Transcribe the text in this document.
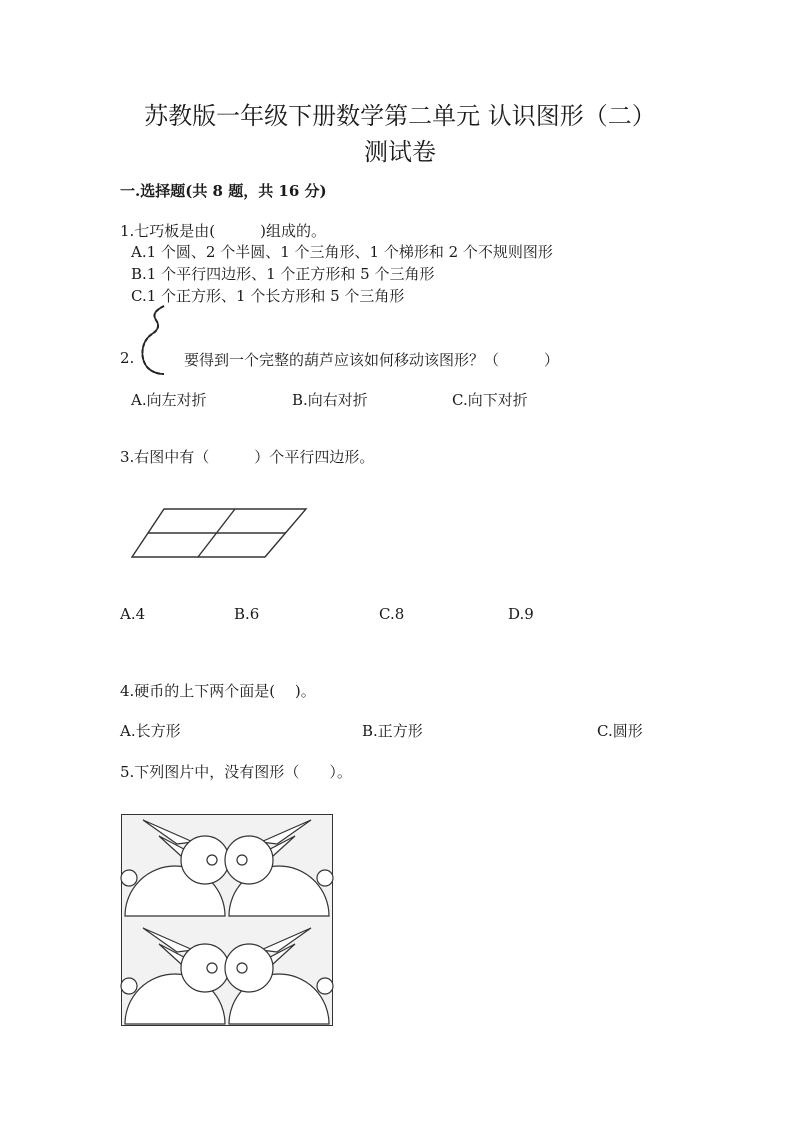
苏教版一年级下册数学第二单元 认识图形（二）
测试卷
一.选择题(共 8 题，共 16 分)
1.七巧板是由(　　　)组成的。
A.1 个圆、2 个半圆、1 个三角形、1 个梯形和 2 个不规则图形
B.1 个平行四边形、1 个正方形和 5 个三角形
C.1 个正方形、1 个长方形和 5 个三角形
2.	要得到一个完整的葫芦应该如何移动该图形？（　　　）
A.向左对折	B.向右对折	C.向下对折
3.右图中有（　　　）个平行四边形。
A.4	B.6	C.8	D.9
4.硬币的上下两个面是(　 )。
A.长方形	B.正方形	C.圆形
5.下列图片中，没有图形（　　）。
